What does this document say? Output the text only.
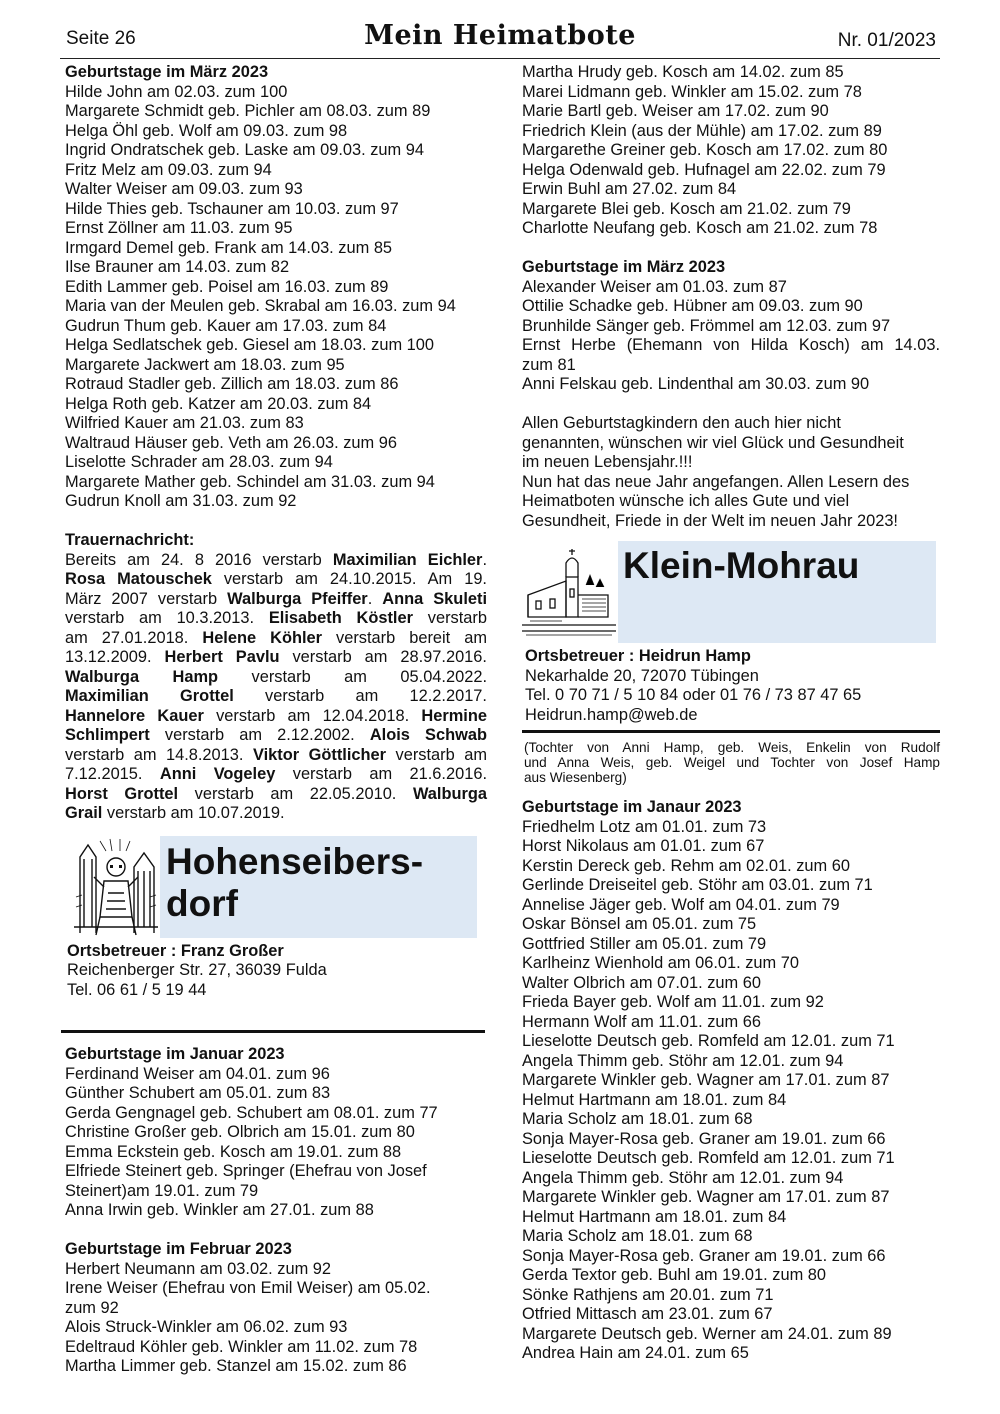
Seite 26	Mein Heimatbote	Nr. 01/2023
Geburtstage im März 2023
Hilde John am 02.03. zum 100
Margarete Schmidt geb. Pichler am 08.03. zum 89
Helga Öhl geb. Wolf am 09.03. zum 98
Ingrid Ondratschek geb. Laske am 09.03. zum 94
Fritz Melz am 09.03. zum 94
Walter Weiser am 09.03. zum 93
Hilde Thies geb. Tschauner am 10.03. zum 97
Ernst Zöllner am 11.03. zum 95
Irmgard Demel geb. Frank am 14.03. zum 85
Ilse Brauner am 14.03. zum 82
Edith Lammer geb. Poisel am 16.03. zum 89
Maria van der Meulen geb. Skrabal am 16.03. zum 94
Gudrun Thum geb. Kauer am 17.03. zum 84
Helga Sedlatschek geb. Giesel am 18.03. zum 100
Margarete Jackwert am 18.03. zum 95
Rotraud Stadler geb. Zillich am 18.03. zum 86
Helga Roth geb. Katzer am 20.03. zum 84
Wilfried Kauer am 21.03. zum 83
Waltraud Häuser geb. Veth am 26.03. zum 96
Liselotte Schrader am 28.03. zum 94
Margarete Mather geb. Schindel am 31.03. zum 94
Gudrun Knoll am 31.03. zum 92
Trauernachricht:
Bereits am 24. 8 2016 verstarb Maximilian Eichler.
Rosa Matouschek verstarb am 24.10.2015. Am 19.
März 2007 verstarb Walburga Pfeiffer. Anna Skuleti
verstarb am 10.3.2013. Elisabeth Köstler verstarb
am 27.01.2018. Helene Köhler verstarb bereit am
13.12.2009. Herbert Pavlu verstarb am 28.97.2016.
Walburga Hamp verstarb am 05.04.2022.
Maximilian Grottel verstarb am 12.2.2017.
Hannelore Kauer verstarb am 12.04.2018. Hermine
Schlimpert verstarb am 2.12.2002. Alois Schwab
verstarb am 14.8.2013. Viktor Göttlicher verstarb am
7.12.2015. Anni Vogeley verstarb am 21.6.2016.
Horst Grottel verstarb am 22.05.2010. Walburga
Grail verstarb am 10.07.2019.
Hohenseibers-
dorf
Ortsbetreuer : Franz Großer
Reichenberger Str. 27, 36039 Fulda
Tel. 06 61 / 5 19 44
Geburtstage im Januar 2023
Ferdinand Weiser am 04.01. zum 96
Günther Schubert am 05.01. zum 83
Gerda Gengnagel geb. Schubert am 08.01. zum 77
Christine Großer geb. Olbrich am 15.01. zum 80
Emma Eckstein geb. Kosch am 19.01. zum 88
Elfriede Steinert geb. Springer (Ehefrau von Josef
Steinert)am 19.01. zum 79
Anna Irwin geb. Winkler am 27.01. zum 88
Geburtstage im Februar 2023
Herbert Neumann am 03.02. zum 92
Irene Weiser (Ehefrau von Emil Weiser) am 05.02.
zum 92
Alois Struck-Winkler am 06.02. zum 93
Edeltraud Köhler geb. Winkler am 11.02. zum 78
Martha Limmer geb. Stanzel am 15.02. zum 86
Martha Hrudy geb. Kosch am 14.02. zum 85
Marei Lidmann geb. Winkler am 15.02. zum 78
Marie Bartl geb. Weiser am 17.02. zum 90
Friedrich Klein (aus der Mühle) am 17.02. zum 89
Margarethe Greiner geb. Kosch am 17.02. zum 80
Helga Odenwald geb. Hufnagel am 22.02. zum 79
Erwin Buhl am 27.02. zum 84
Margarete Blei geb. Kosch am 21.02. zum 79
Charlotte Neufang geb. Kosch am 21.02. zum 78
Geburtstage im März 2023
Alexander Weiser am 01.03. zum 87
Ottilie Schadke geb. Hübner am 09.03. zum 90
Brunhilde Sänger geb. Frömmel am 12.03. zum 97
Ernst Herbe (Ehemann von Hilda Kosch) am 14.03.
zum 81
Anni Felskau geb. Lindenthal am 30.03. zum 90
Allen Geburtstagkindern den auch hier nicht
genannten, wünschen wir viel Glück und Gesundheit
im neuen Lebensjahr.!!!
Nun hat das neue Jahr angefangen. Allen Lesern des
Heimatboten wünsche ich alles Gute und viel
Gesundheit, Friede in der Welt im neuen Jahr 2023!
Klein-Mohrau
Ortsbetreuer : Heidrun Hamp
Nekarhalde 20, 72070 Tübingen
Tel. 0 70 71 / 5 10 84 oder 01 76 / 73 87 47 65
Heidrun.hamp@web.de
(Tochter von Anni Hamp, geb. Weis, Enkelin von Rudolf
und Anna Weis, geb. Weigel und Tochter von Josef Hamp
aus Wiesenberg)
Geburtstage im Janaur 2023
Friedhelm Lotz am 01.01. zum 73
Horst Nikolaus am 01.01. zum 67
Kerstin Dereck geb. Rehm am 02.01. zum 60
Gerlinde Dreiseitel geb. Stöhr am 03.01. zum 71
Annelise Jäger geb. Wolf am 04.01. zum 79
Oskar Bönsel am 05.01. zum 75
Gottfried Stiller am 05.01. zum 79
Karlheinz Wienhold am 06.01. zum 70
Walter Olbrich am 07.01. zum 60
Frieda Bayer geb. Wolf am 11.01. zum 92
Hermann Wolf am 11.01. zum 66
Lieselotte Deutsch geb. Romfeld am 12.01. zum 71
Angela Thimm geb. Stöhr am 12.01. zum 94
Margarete Winkler geb. Wagner am 17.01. zum 87
Helmut Hartmann am 18.01. zum 84
Maria Scholz am 18.01. zum 68
Sonja Mayer-Rosa geb. Graner am 19.01. zum 66
Lieselotte Deutsch geb. Romfeld am 12.01. zum 71
Angela Thimm geb. Stöhr am 12.01. zum 94
Margarete Winkler geb. Wagner am 17.01. zum 87
Helmut Hartmann am 18.01. zum 84
Maria Scholz am 18.01. zum 68
Sonja Mayer-Rosa geb. Graner am 19.01. zum 66
Gerda Textor geb. Buhl am 19.01. zum 80
Sönke Rathjens am 20.01. zum 71
Otfried Mittasch am 23.01. zum 67
Margarete Deutsch geb. Werner am 24.01. zum 89
Andrea Hain am 24.01. zum 65
